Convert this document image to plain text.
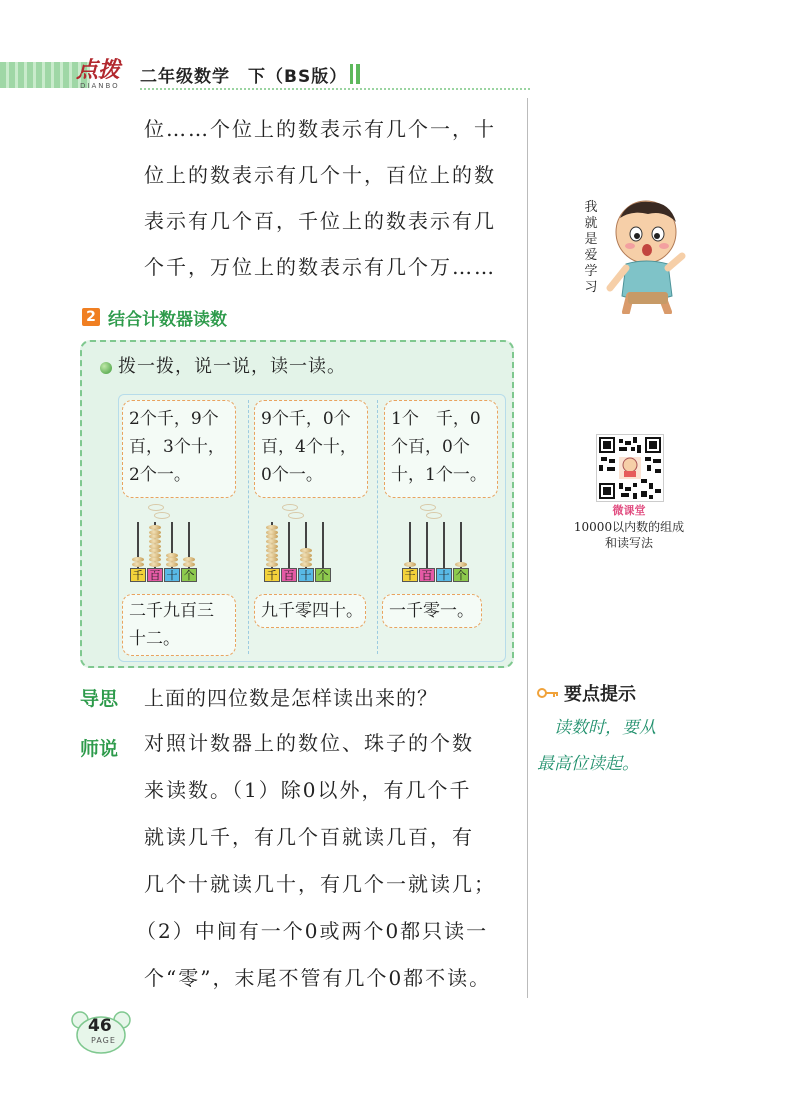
点拨
DIANBO 二年级数学　下（BS版）
位……个位上的数表示有几个一，十
位上的数表示有几个十，百位上的数
表示有几个百，千位上的数表示有几
个千，万位上的数表示有几个万……
2 结合计数器读数
拨一拨，说一说，读一读。
2个千，9个
百，3个十，
2个一。
千 百 十 个
二千九百三
十二。
9个千，0个
百，4个十，
0个一。
千 百 十 个
九千零四十。
1个　千，0
个百，0个
十，1个一。
千 百 十 个
一千零一。
导思 上面的四位数是怎样读出来的？
师说 对照计数器上的数位、珠子的个数
来读数。（1）除0以外，有几个千
就读几千，有几个百就读几百，有
几个十就读几十，有几个一就读几；
（2）中间有一个0或两个0都只读一
个“零”，末尾不管有几个0都不读。
我
就
是
爱
学
习
微课堂
10000以内数的组成和读写法
要点提示
　读数时，要从
最高位读起。
46
PAGE
